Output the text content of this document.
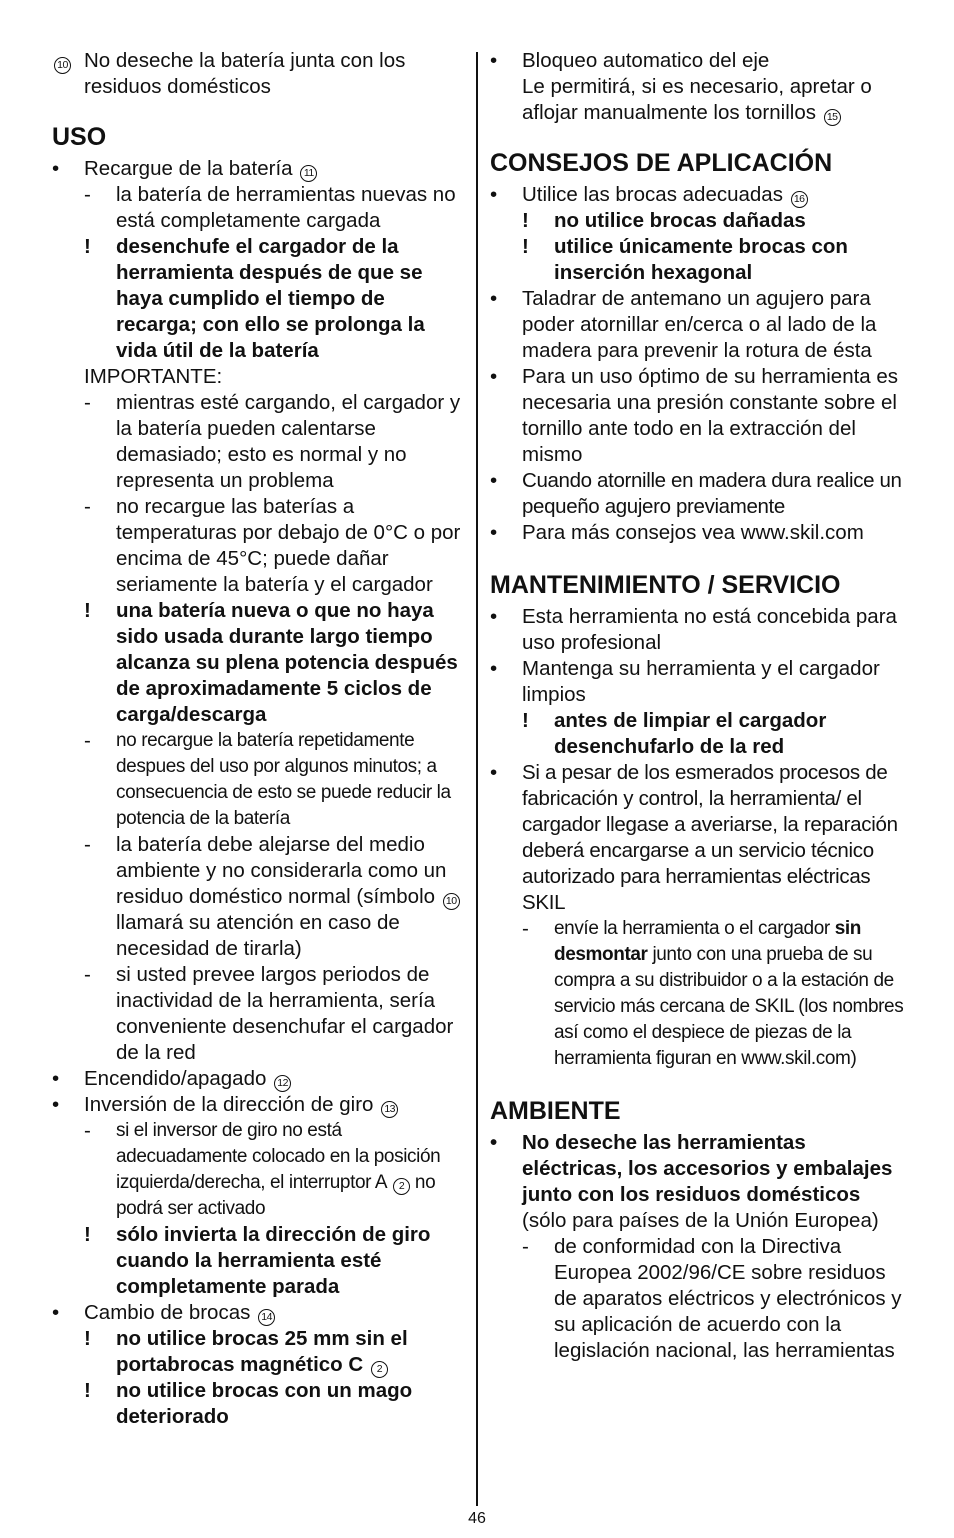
10 No deseche la batería junta con los residuos domésticos
USO
•	Recargue de la batería 11
-	la batería de herramientas nuevas no está completamente cargada
!	desenchufe el cargador de la herramienta después de que se haya cumplido el tiempo de recarga; con ello se prolonga la vida útil de la batería
IMPORTANTE:
-	mientras esté cargando, el cargador y la batería pueden calentarse demasiado; esto es normal y no representa un problema
-	no recargue las baterías a temperaturas por debajo de 0°C o por encima de 45°C; puede dañar seriamente la batería y el cargador
!	una batería nueva o que no haya sido usada durante largo tiempo alcanza su plena potencia después de aproximadamente 5 ciclos de carga/descarga
-	no recargue la batería repetidamente despues del uso por algunos minutos; a consecuencia de esto se puede reducir la potencia de la batería
-	la batería debe alejarse del medio ambiente y no considerarla como un residuo doméstico normal (símbolo 10 llamará su atención en caso de necesidad de tirarla)
-	si usted prevee largos periodos de inactividad de la herramienta, sería conveniente desenchufar el cargador de la red
•	Encendido/apagado 12
•	Inversión de la dirección de giro 13
-	si el inversor de giro no está adecuadamente colocado en la posición izquierda/derecha, el interruptor A 2 no podrá ser activado
!	sólo invierta la dirección de giro cuando la herramienta esté completamente parada
•	Cambio de brocas 14
!	no utilice brocas 25 mm sin el portabrocas magnético C 2
!	no utilice brocas con un mago deteriorado
•	Bloqueo automatico del eje
Le permitirá, si es necesario, apretar o aflojar manualmente los tornillos 15
CONSEJOS DE APLICACIÓN
•	Utilice las brocas adecuadas 16
!	no utilice brocas dañadas
!	utilice únicamente brocas con inserción hexagonal
•	Taladrar de antemano un agujero para poder atornillar en/cerca o al lado de la madera para prevenir la rotura de ésta
•	Para un uso óptimo de su herramienta es necesaria una presión constante sobre el tornillo ante todo en la extracción del mismo
•	Cuando atornille en madera dura realice un pequeño agujero previamente
•	Para más consejos vea www.skil.com
MANTENIMIENTO / SERVICIO
•	Esta herramienta no está concebida para uso profesional
•	Mantenga su herramienta y el cargador limpios
!	antes de limpiar el cargador desenchufarlo de la red
•	Si a pesar de los esmerados procesos de fabricación y control, la herramienta/ el cargador llegase a averiarse, la reparación deberá encargarse a un servicio técnico autorizado para herramientas eléctricas SKIL
-	envíe la herramienta o el cargador sin desmontar junto con una prueba de su compra a su distribuidor o a la estación de servicio más cercana de SKIL (los nombres así como el despiece de piezas de la herramienta figuran en www.skil.com)
AMBIENTE
•	No deseche las herramientas eléctricas, los accesorios y embalajes junto con los residuos domésticos (sólo para países de la Unión Europea)
-	de conformidad con la Directiva Europea 2002/96/CE sobre residuos de aparatos eléctricos y electrónicos y su aplicación de acuerdo con la legislación nacional, las herramientas
46
